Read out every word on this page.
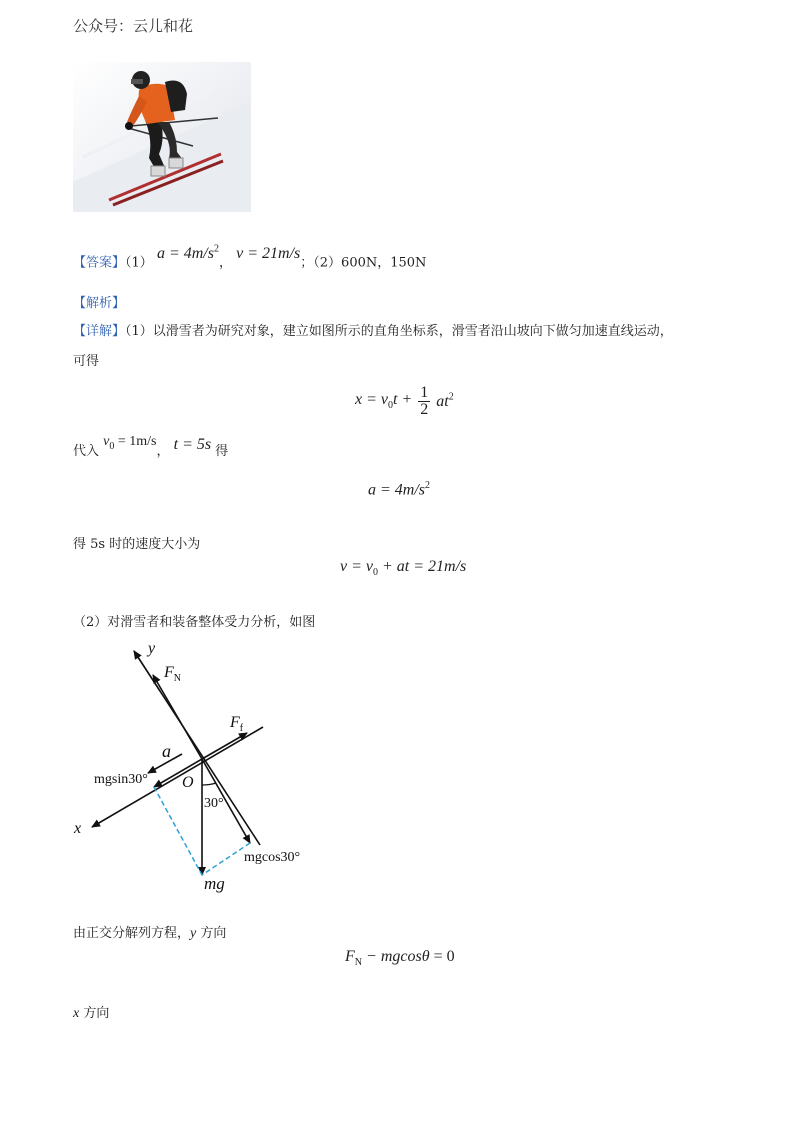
公众号：云儿和花
【答案】（1） $a = 4m/s^2$， v = 21m/s；（2）600N，150N
【解析】
【详解】（1）以滑雪者为研究对象，建立如图所示的直角坐标系，滑雪者沿山坡向下做匀加速直线运动，
可得
$x = v_0t + \frac{1}{2} at^2$
代入 $v_0 = 1m/s$， t = 5s 得
$a = 4m/s^2$
得 5s 时的速度大小为
$v = v_0$ + at = 21m/s
（2）对滑雪者和装备整体受力分析，如图
y
$F_N$
$F_f$
a
mgsin30° O
30°
x
mgcos30°
mg
由正交分解列方程，y 方向
$F_N - mgcos\theta = 0$
x 方向
